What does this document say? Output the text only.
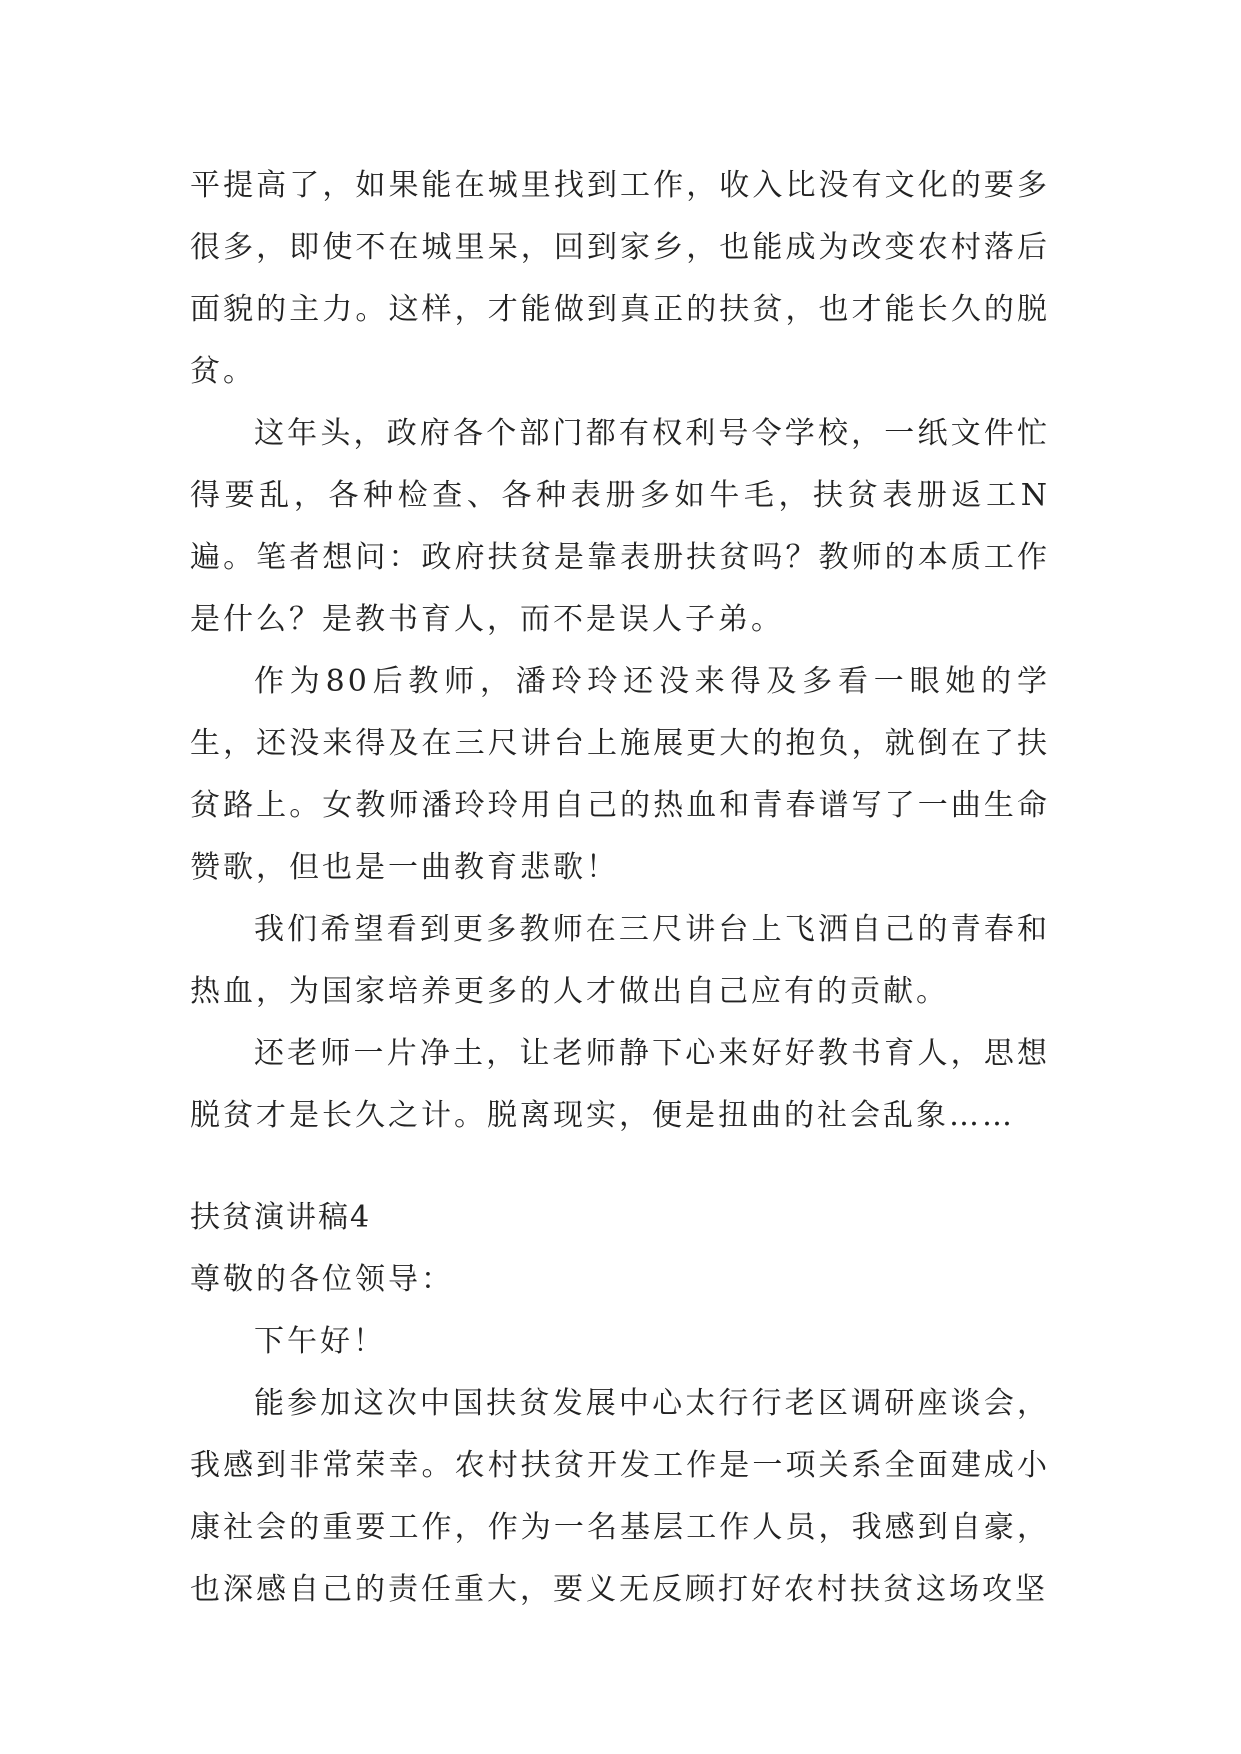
平提高了，如果能在城里找到工作，收入比没有文化的要多很多，即使不在城里呆，回到家乡，也能成为改变农村落后面貌的主力。这样，才能做到真正的扶贫，也才能长久的脱贫。

这年头，政府各个部门都有权利号令学校，一纸文件忙得要乱，各种检查、各种表册多如牛毛，扶贫表册返工N遍。笔者想问：政府扶贫是靠表册扶贫吗？教师的本质工作是什么？是教书育人，而不是误人子弟。

作为80后教师，潘玲玲还没来得及多看一眼她的学生，还没来得及在三尺讲台上施展更大的抱负，就倒在了扶贫路上。女教师潘玲玲用自己的热血和青春谱写了一曲生命赞歌，但也是一曲教育悲歌！

我们希望看到更多教师在三尺讲台上飞洒自己的青春和热血，为国家培养更多的人才做出自己应有的贡献。

还老师一片净土，让老师静下心来好好教书育人，思想脱贫才是长久之计。脱离现实，便是扭曲的社会乱象……

扶贫演讲稿4

尊敬的各位领导：

下午好！

能参加这次中国扶贫发展中心太行行老区调研座谈会，我感到非常荣幸。农村扶贫开发工作是一项关系全面建成小康社会的重要工作，作为一名基层工作人员，我感到自豪，也深感自己的责任重大，要义无反顾打好农村扶贫这场攻坚
